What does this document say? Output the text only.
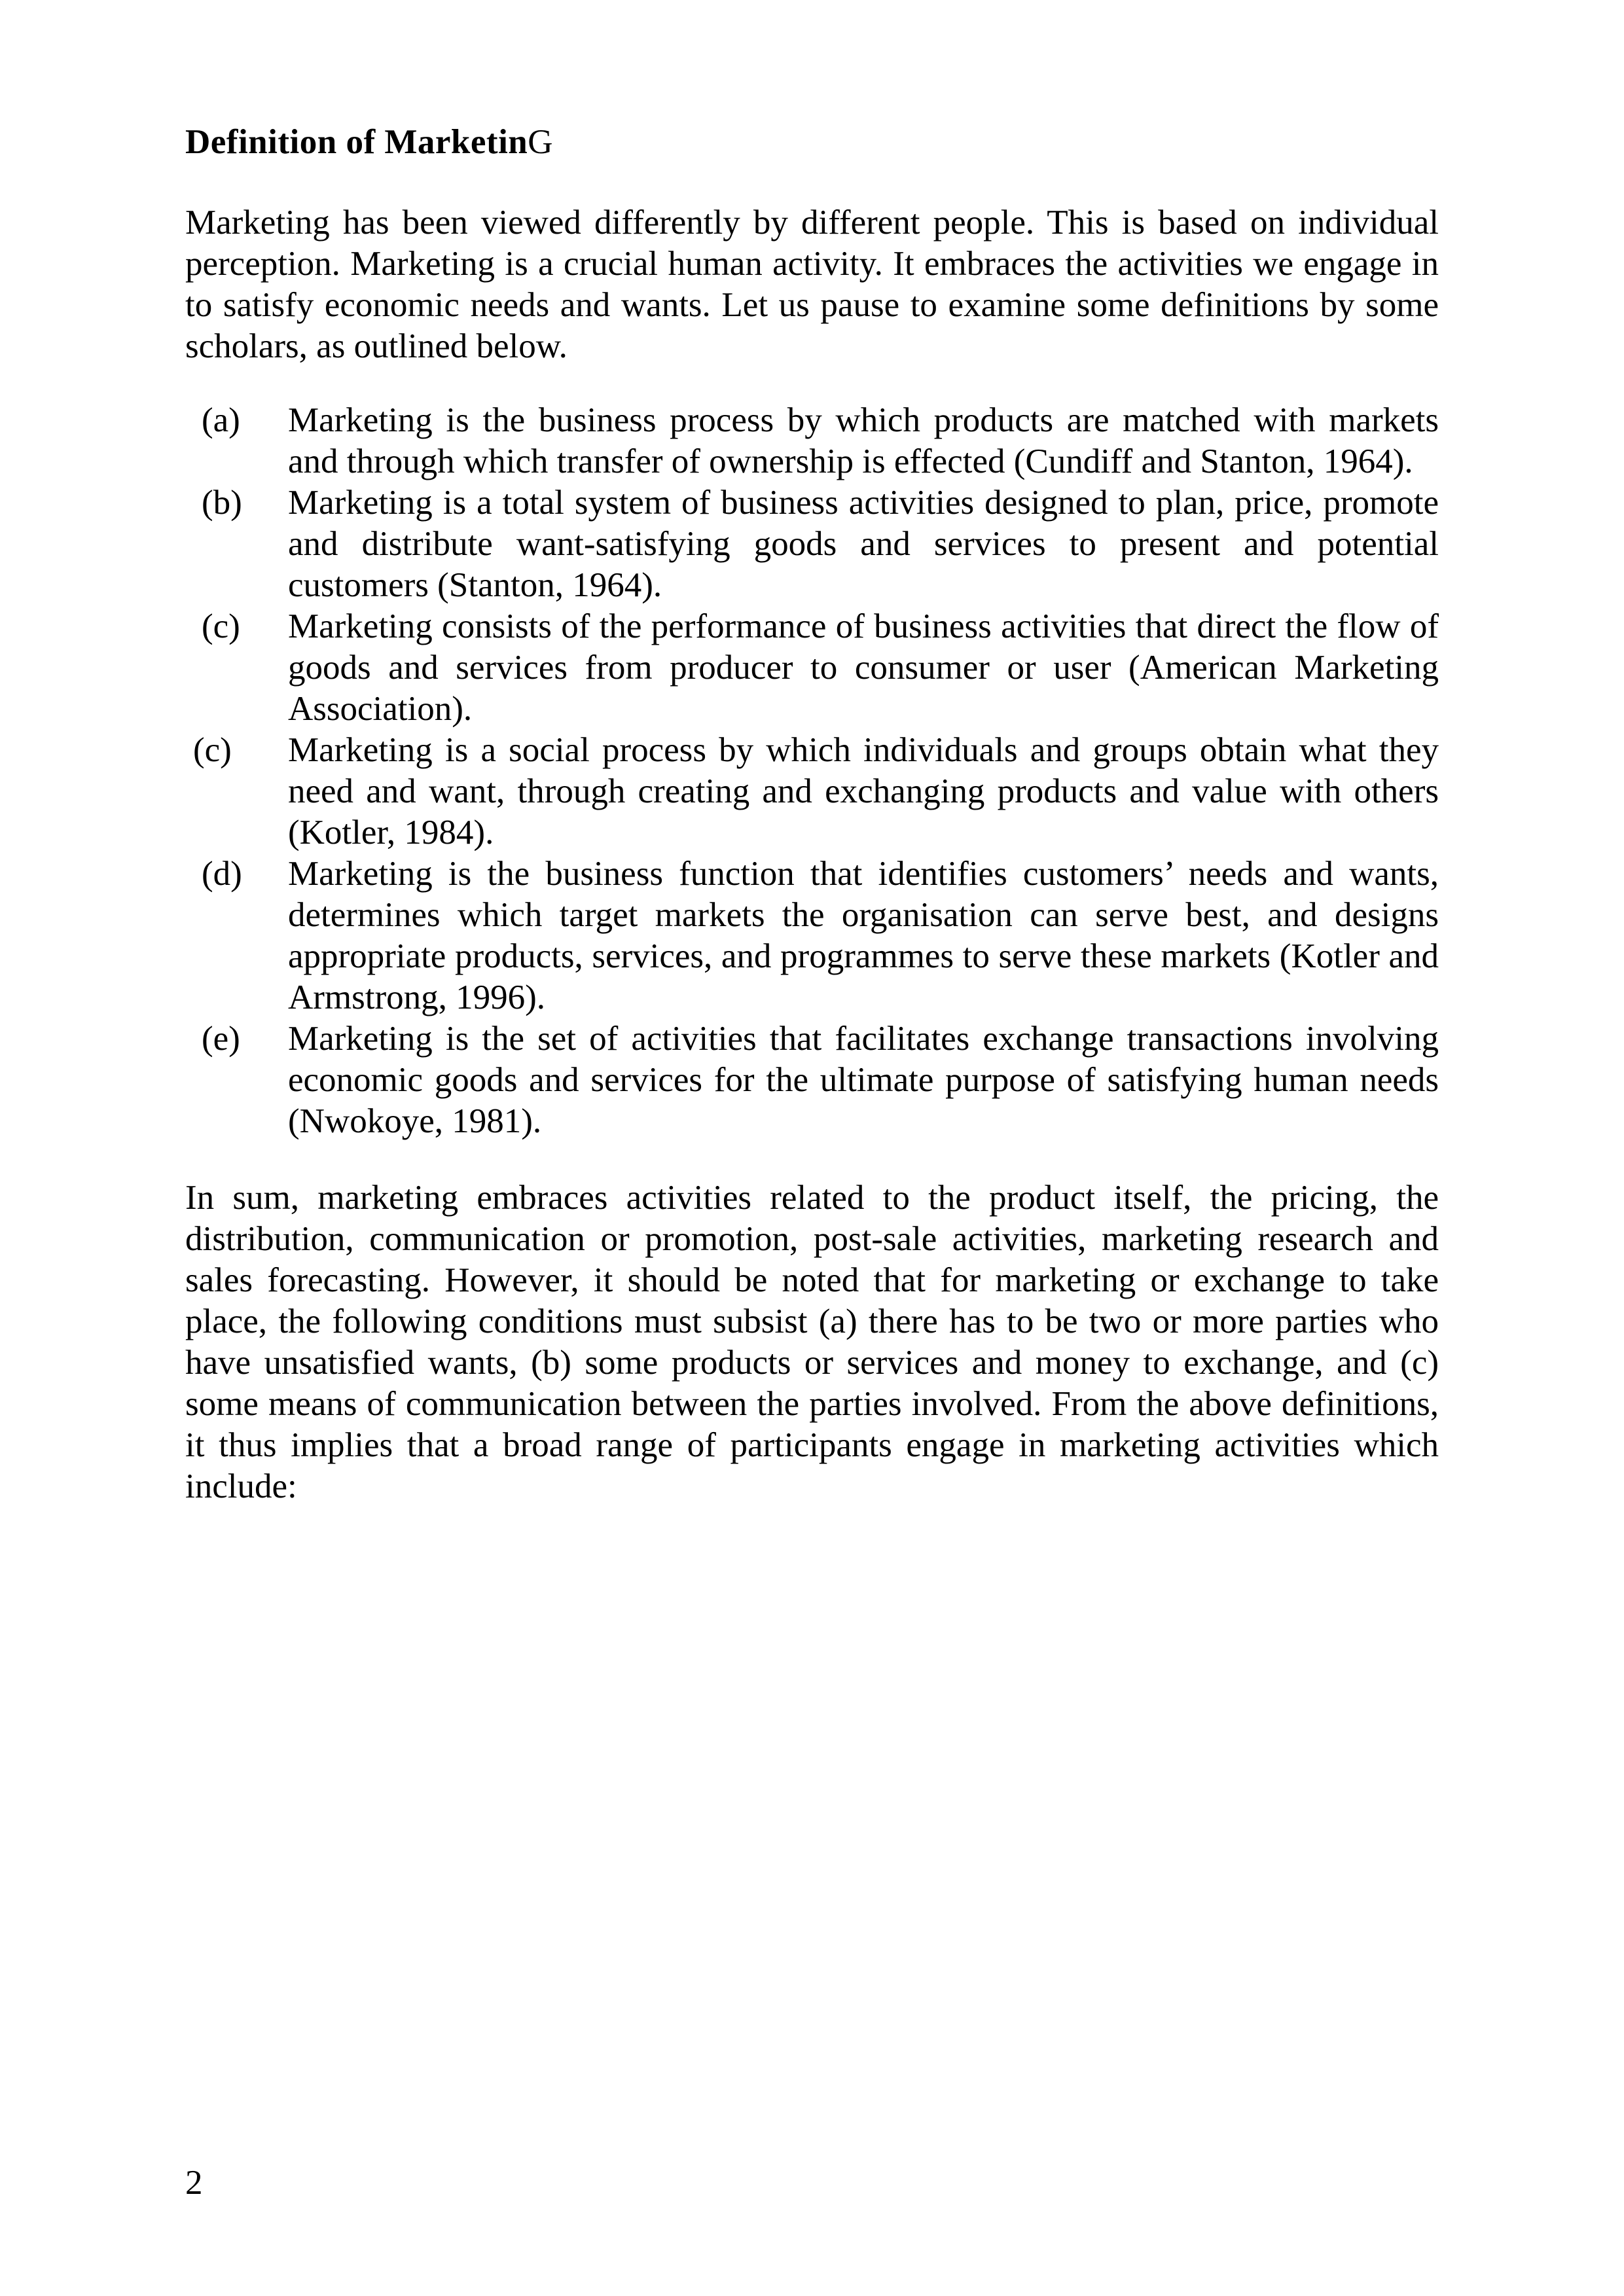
Definition of MarketinG

Marketing has been viewed differently by different people. This is based on individual perception. Marketing is a crucial human activity. It embraces the activities we engage in to satisfy economic needs and wants. Let us pause to examine some definitions by some scholars, as outlined below.

(a)	Marketing is the business process by which products are matched with markets and through which transfer of ownership is effected (Cundiff and Stanton, 1964).
(b)	Marketing is a total system of business activities designed to plan, price, promote and distribute want-satisfying goods and services to present and potential customers (Stanton, 1964).
(c)	Marketing consists of the performance of business activities that direct the flow of goods and services from producer to consumer or user (American Marketing Association).
(c)	Marketing is a social process by which individuals and groups obtain what they need and want, through creating and exchanging products and value with others (Kotler, 1984).
(d)	Marketing is the business function that identifies customers’ needs and wants, determines which target markets the organisation can serve best, and designs appropriate products, services, and programmes to serve these markets (Kotler and Armstrong, 1996).
(e)	Marketing is the set of activities that facilitates exchange transactions involving economic goods and services for the ultimate purpose of satisfying human needs (Nwokoye, 1981).

In sum, marketing embraces activities related to the product itself, the pricing, the distribution, communication or promotion, post-sale activities, marketing research and sales forecasting. However, it should be noted that for marketing or exchange to take place, the following conditions must subsist (a) there has to be two or more parties who have unsatisfied wants, (b) some products or services and money to exchange, and (c) some means of communication between the parties involved. From the above definitions, it thus implies that a broad range of participants engage in marketing activities which include:

2
